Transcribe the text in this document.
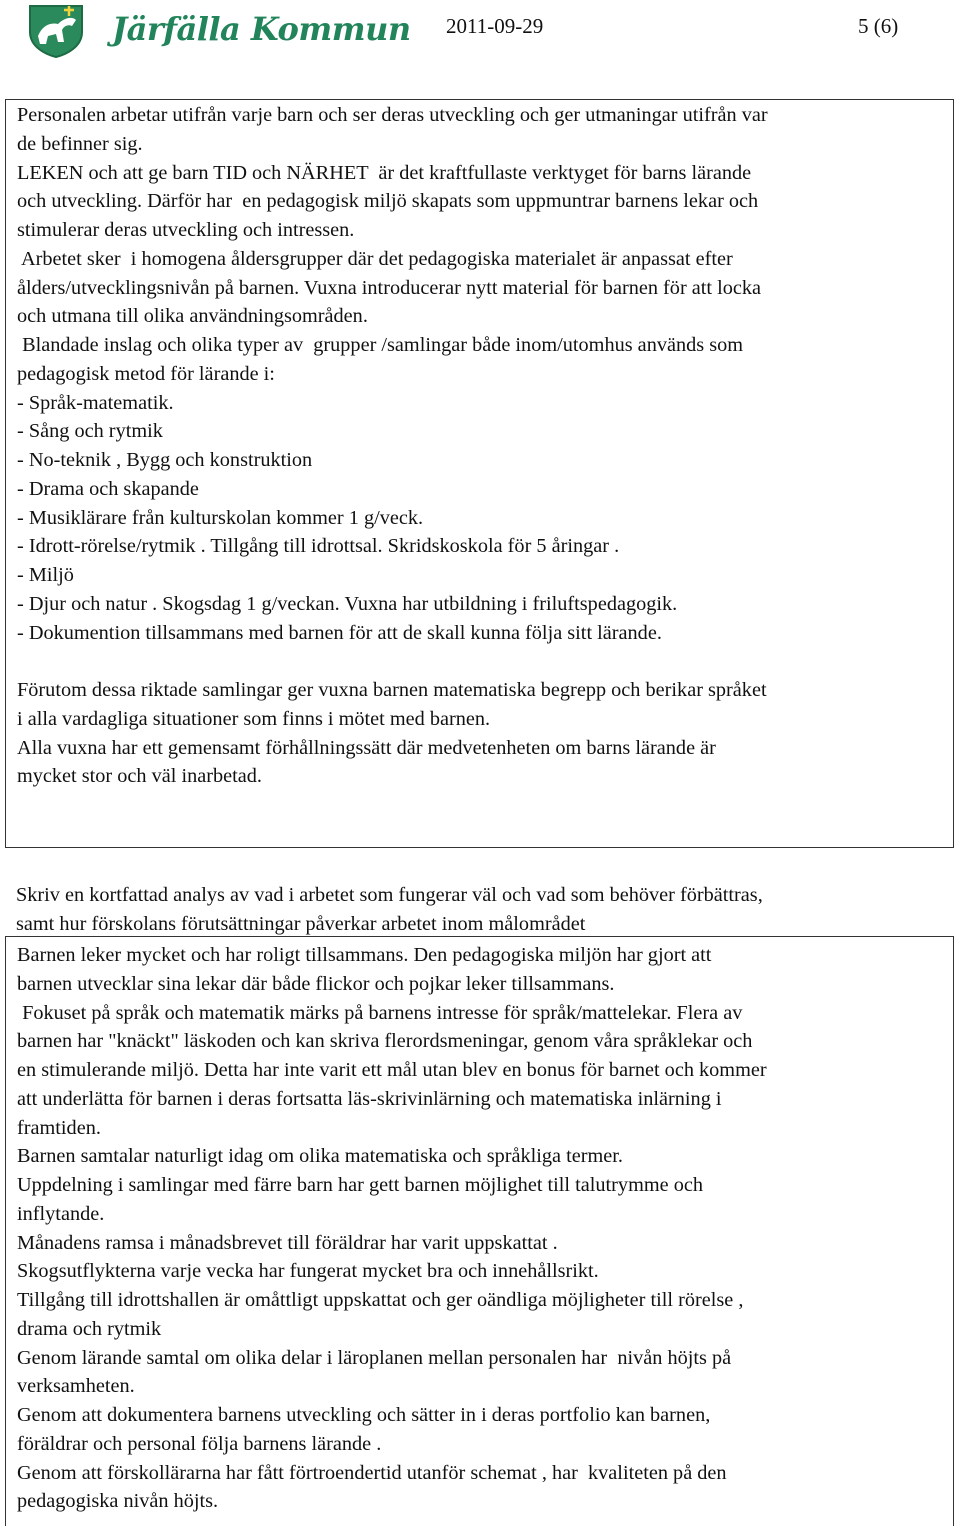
Järfälla Kommun 2011-09-29	5 (6)
Personalen arbetar utifrån varje barn och ser deras utveckling och ger utmaningar utifrån var
de befinner sig.
LEKEN och att ge barn TID och NÄRHET  är det kraftfullaste verktyget för barns lärande
och utveckling. Därför har  en pedagogisk miljö skapats som uppmuntrar barnens lekar och
stimulerar deras utveckling och intressen.
Arbetet sker  i homogena åldersgrupper där det pedagogiska materialet är anpassat efter
ålders/utvecklingsnivån på barnen. Vuxna introducerar nytt material för barnen för att locka
och utmana till olika användningsområden.
Blandade inslag och olika typer av  grupper /samlingar både inom/utomhus används som
pedagogisk metod för lärande i:
- Språk-matematik.
- Sång och rytmik
- No-teknik , Bygg och konstruktion
- Drama och skapande
- Musiklärare från kulturskolan kommer 1 g/veck.
- Idrott-rörelse/rytmik . Tillgång till idrottsal. Skridskoskola för 5 åringar .
- Miljö
- Djur och natur . Skogsdag 1 g/veckan. Vuxna har utbildning i friluftspedagogik.
- Dokumention tillsammans med barnen för att de skall kunna följa sitt lärande.
Förutom dessa riktade samlingar ger vuxna barnen matematiska begrepp och berikar språket
i alla vardagliga situationer som finns i mötet med barnen.
Alla vuxna har ett gemensamt förhållningssätt där medvetenheten om barns lärande är
mycket stor och väl inarbetad.
Skriv en kortfattad analys av vad i arbetet som fungerar väl och vad som behöver förbättras,
samt hur förskolans förutsättningar påverkar arbetet inom målområdet
Barnen leker mycket och har roligt tillsammans. Den pedagogiska miljön har gjort att
barnen utvecklar sina lekar där både flickor och pojkar leker tillsammans.
Fokuset på språk och matematik märks på barnens intresse för språk/mattelekar. Flera av
barnen har "knäckt" läskoden och kan skriva flerordsmeningar, genom våra språklekar och
en stimulerande miljö. Detta har inte varit ett mål utan blev en bonus för barnet och kommer
att underlätta för barnen i deras fortsatta läs-skrivinlärning och matematiska inlärning i
framtiden.
Barnen samtalar naturligt idag om olika matematiska och språkliga termer.
Uppdelning i samlingar med färre barn har gett barnen möjlighet till talutrymme och
inflytande.
Månadens ramsa i månadsbrevet till föräldrar har varit uppskattat .
Skogsutflykterna varje vecka har fungerat mycket bra och innehållsrikt.
Tillgång till idrottshallen är omåttligt uppskattat och ger oändliga möjligheter till rörelse ,
drama och rytmik
Genom lärande samtal om olika delar i läroplanen mellan personalen har  nivån höjts på
verksamheten.
Genom att dokumentera barnens utveckling och sätter in i deras portfolio kan barnen,
föräldrar och personal följa barnens lärande .
Genom att förskollärarna har fått förtroendertid utanför schemat , har  kvaliteten på den
pedagogiska nivån höjts.
